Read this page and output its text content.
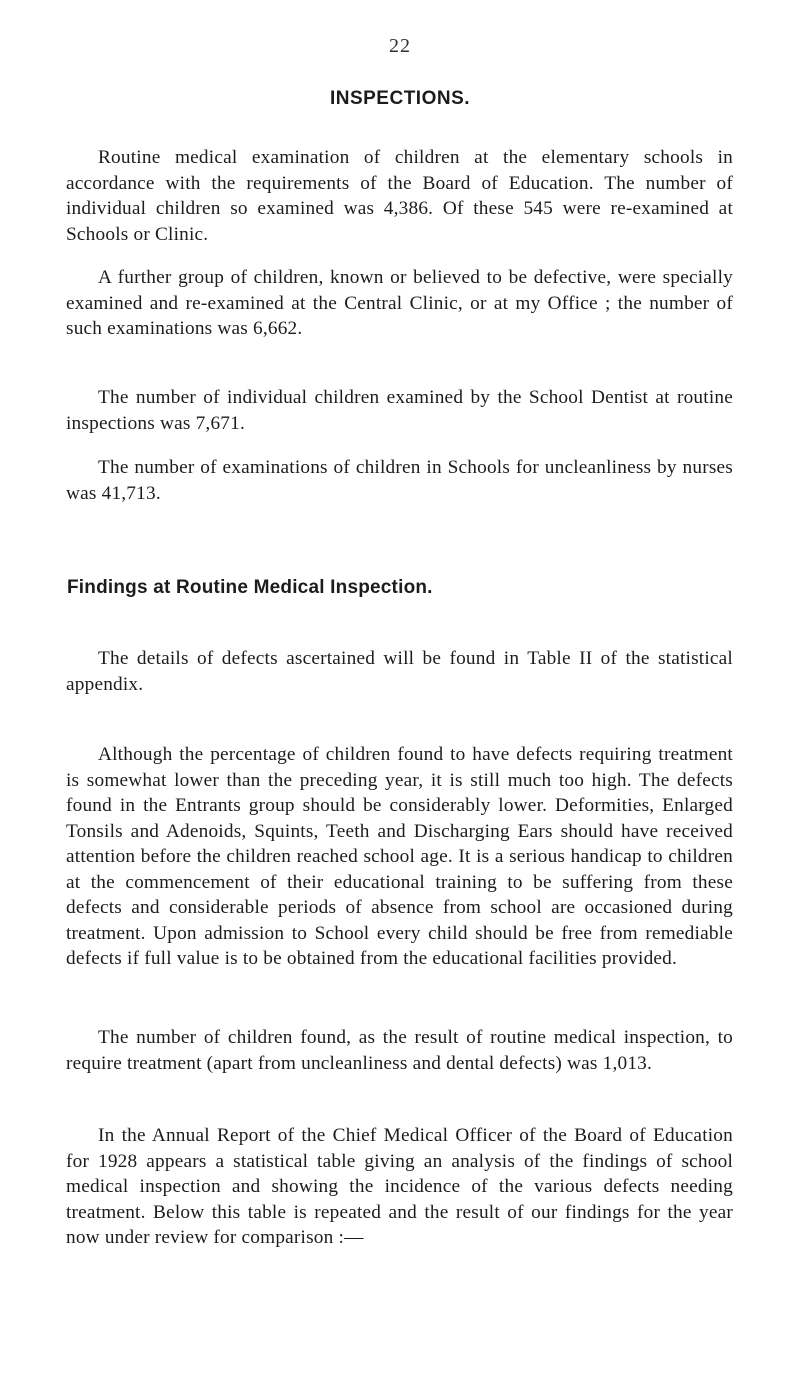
22
INSPECTIONS.

Routine medical examination of children at the elementary schools in accordance with the requirements of the Board of Education. The number of individual children so examined was 4,386. Of these 545 were re-examined at Schools or Clinic.

A further group of children, known or believed to be defective, were specially examined and re-examined at the Central Clinic, or at my Office ; the number of such examinations was 6,662.

The number of individual children examined by the School Dentist at routine inspections was 7,671.

The number of examinations of children in Schools for uncleanliness by nurses was 41,713.

Findings at Routine Medical Inspection.

The details of defects ascertained will be found in Table II of the statistical appendix.

Although the percentage of children found to have defects requiring treatment is somewhat lower than the preceding year, it is still much too high. The defects found in the Entrants group should be considerably lower. Deformities, Enlarged Tonsils and Adenoids, Squints, Teeth and Discharging Ears should have received attention before the children reached school age. It is a serious handicap to children at the commencement of their educational training to be suffering from these defects and considerable periods of absence from school are occasioned during treatment. Upon admission to School every child should be free from remediable defects if full value is to be obtained from the educational facilities provided.

The number of children found, as the result of routine medical inspection, to require treatment (apart from uncleanliness and dental defects) was 1,013.

In the Annual Report of the Chief Medical Officer of the Board of Education for 1928 appears a statistical table giving an analysis of the findings of school medical inspection and showing the incidence of the various defects needing treatment. Below this table is repeated and the result of our findings for the year now under review for comparison :—
